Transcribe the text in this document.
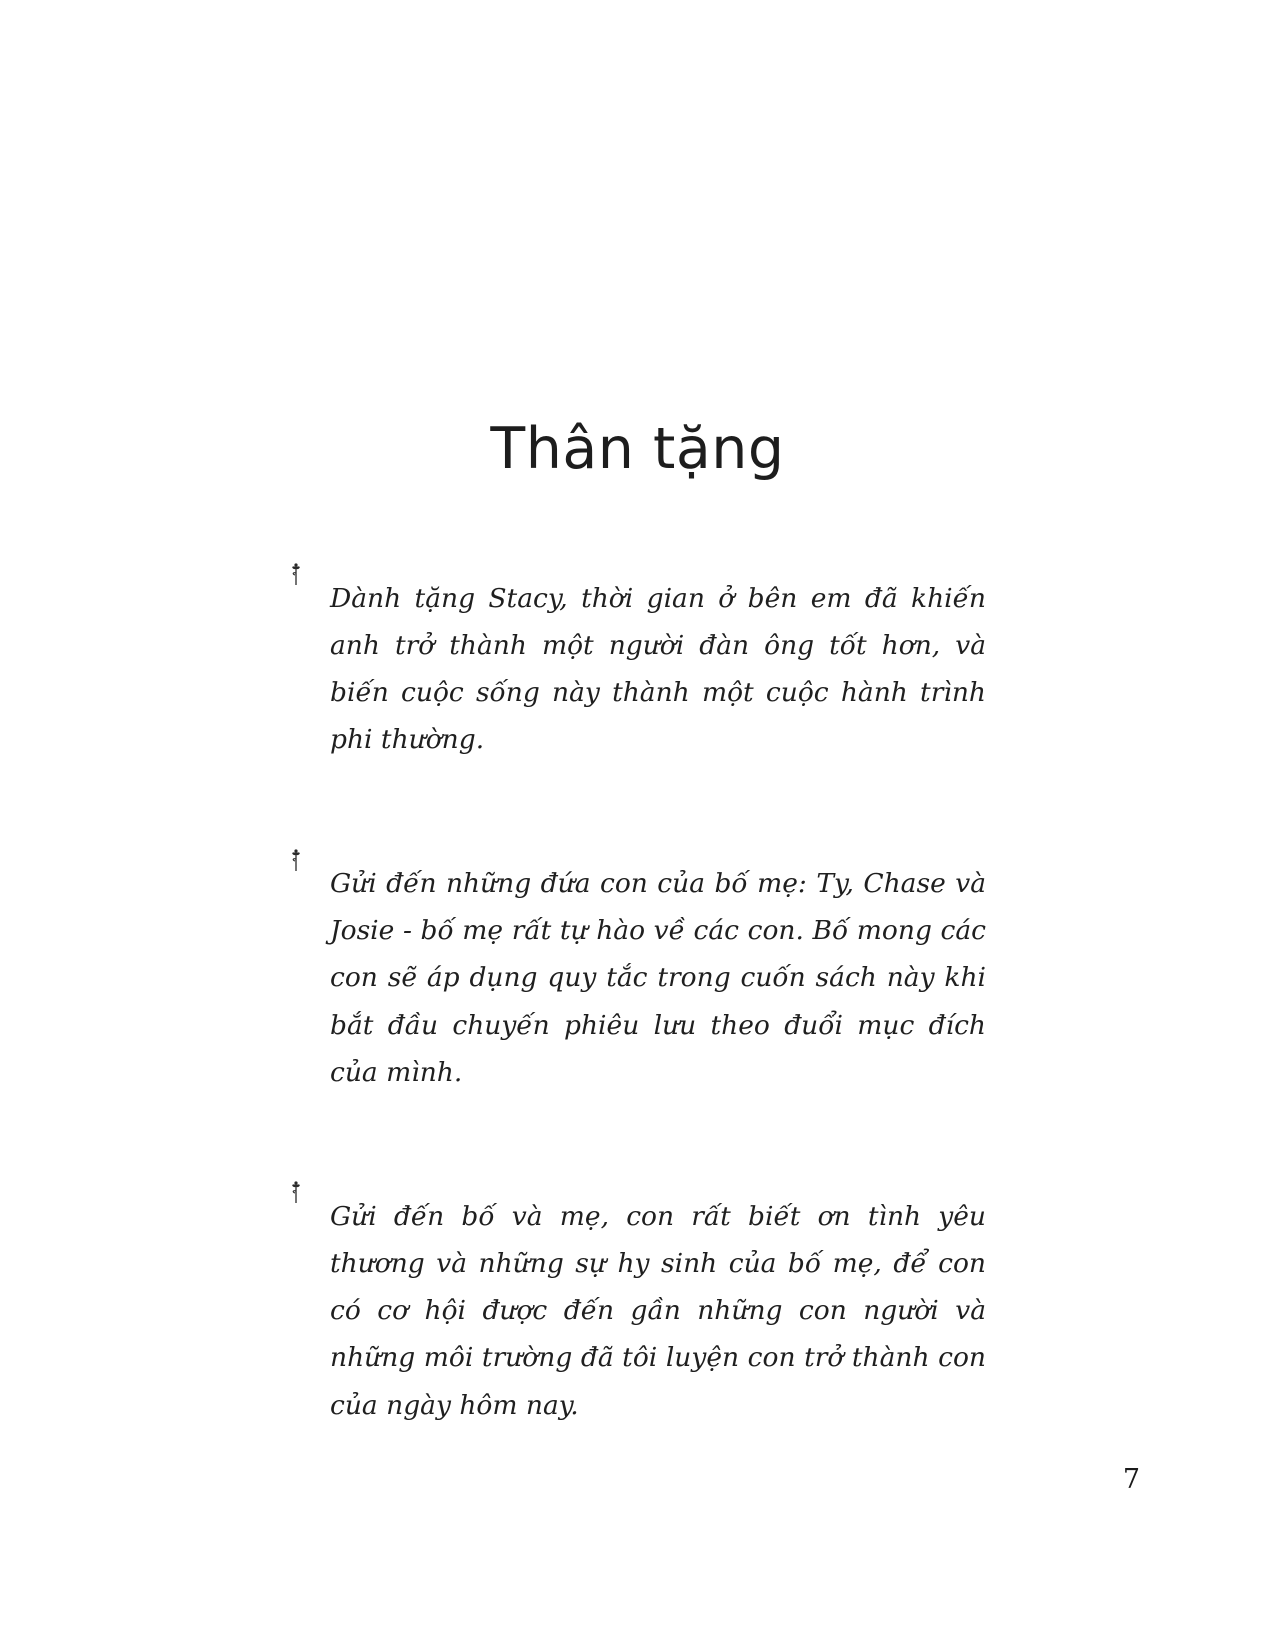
Thân tặng

Dành tặng Stacy, thời gian ở bên em đã khiến anh trở thành một người đàn ông tốt hơn, và biến cuộc sống này thành một cuộc hành trình phi thường.

Gửi đến những đứa con của bố mẹ: Ty, Chase và Josie - bố mẹ rất tự hào về các con. Bố mong các con sẽ áp dụng quy tắc trong cuốn sách này khi bắt đầu chuyến phiêu lưu theo đuổi mục đích của mình.

Gửi đến bố và mẹ, con rất biết ơn tình yêu thương và những sự hy sinh của bố mẹ, để con có cơ hội được đến gần những con người và những môi trường đã tôi luyện con trở thành con của ngày hôm nay.

7
